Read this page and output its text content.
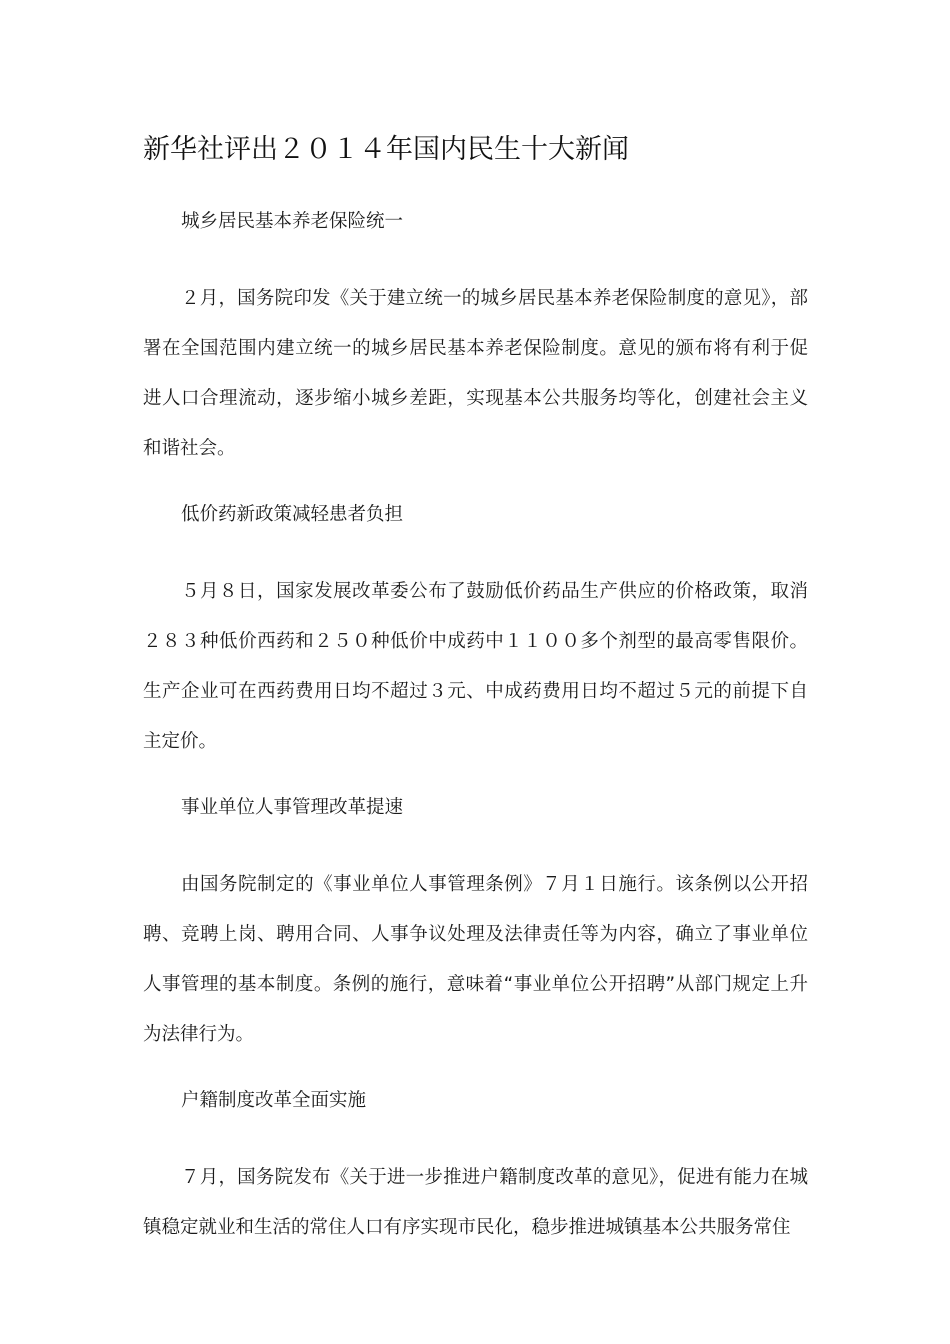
新华社评出２０１４年国内民生十大新闻
城乡居民基本养老保险统一

２月，国务院印发《关于建立统一的城乡居民基本养老保险制度的意见》，部署在全国范围内建立统一的城乡居民基本养老保险制度。意见的颁布将有利于促进人口合理流动，逐步缩小城乡差距，实现基本公共服务均等化，创建社会主义和谐社会。

低价药新政策减轻患者负担

５月８日，国家发展改革委公布了鼓励低价药品生产供应的价格政策，取消２８３种低价西药和２５０种低价中成药中１１００多个剂型的最高零售限价。生产企业可在西药费用日均不超过３元、中成药费用日均不超过５元的前提下自主定价。

事业单位人事管理改革提速

由国务院制定的《事业单位人事管理条例》７月１日施行。该条例以公开招聘、竞聘上岗、聘用合同、人事争议处理及法律责任等为内容，确立了事业单位人事管理的基本制度。条例的施行，意味着“事业单位公开招聘”从部门规定上升为法律行为。

户籍制度改革全面实施

７月，国务院发布《关于进一步推进户籍制度改革的意见》，促进有能力在城镇稳定就业和生活的常住人口有序实现市民化，稳步推进城镇基本公共服务常住
